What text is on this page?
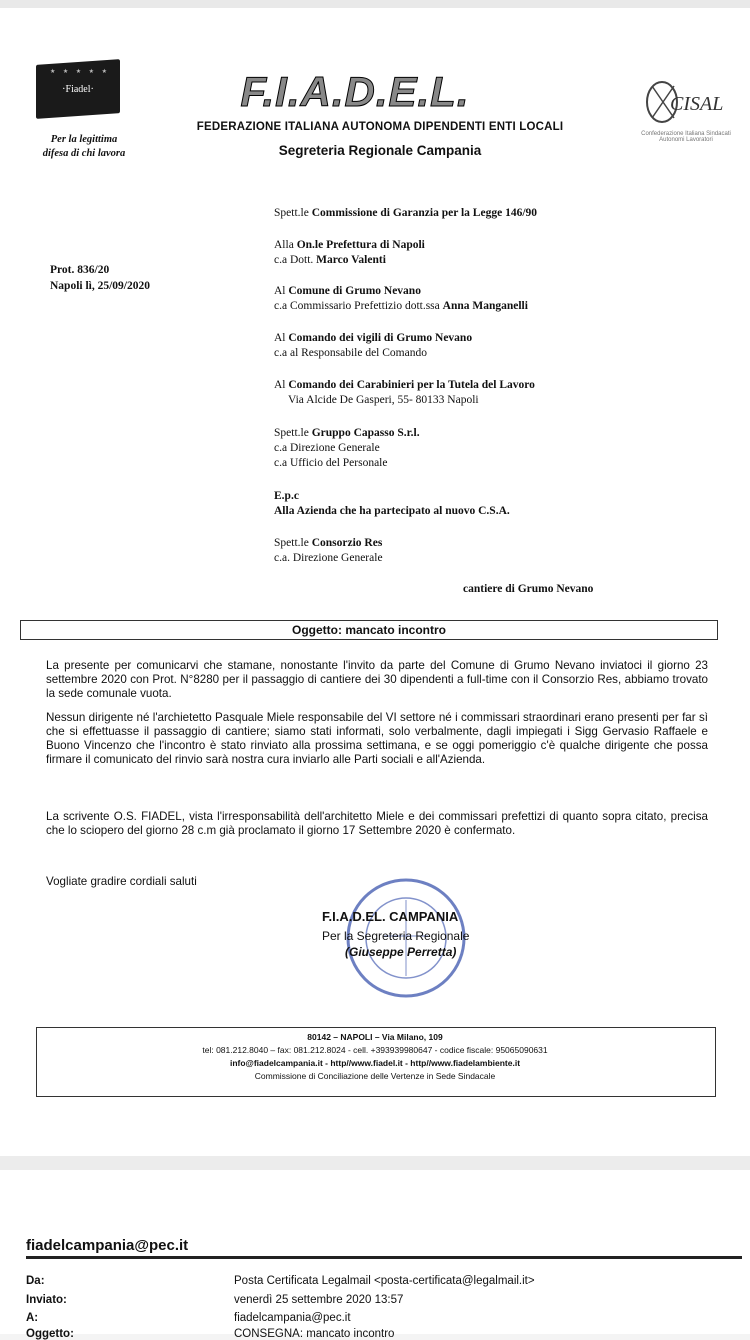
★ ★ ★ ★ ★
·Fiadel·
Per la legittima
difesa di chi lavora
F.I.A.D.E.L.
FEDERAZIONE ITALIANA AUTONOMA DIPENDENTI ENTI LOCALI
Segreteria Regionale Campania
CISAL
Confederazione Italiana Sindacati Autonomi Lavoratori
Prot. 836/20
Napoli lì, 25/09/2020
Spett.le Commissione di Garanzia per la Legge 146/90
Alla On.le Prefettura di Napoli
c.a Dott. Marco Valenti
Al Comune di Grumo Nevano
c.a Commissario Prefettizio dott.ssa Anna Manganelli
Al Comando dei vigili di Grumo Nevano
c.a al Responsabile del Comando
Al Comando dei Carabinieri per la Tutela del Lavoro
Via Alcide De Gasperi, 55- 80133 Napoli
Spett.le Gruppo Capasso S.r.l.
c.a Direzione Generale
c.a Ufficio del Personale
E.p.c
Alla Azienda che ha partecipato al nuovo C.S.A.
Spett.le Consorzio Res
c.a. Direzione Generale
cantiere di Grumo Nevano
Oggetto: mancato incontro
La presente per comunicarvi che stamane, nonostante l'invito da parte del Comune di Grumo Nevano inviatoci il giorno 23 settembre 2020 con Prot. N°8280 per il passaggio di cantiere dei 30 dipendenti a full-time con il Consorzio Res, abbiamo trovato la sede comunale vuota.
Nessun dirigente né l'archietetto Pasquale Miele responsabile del VI settore né i commissari straordinari erano presenti per far sì che si effettuasse il passaggio di cantiere; siamo stati informati, solo verbalmente, dagli impiegati i Sigg Gervasio Raffaele e Buono Vincenzo che l'incontro è stato rinviato alla prossima settimana, e se oggi pomeriggio c'è qualche dirigente che possa firmare il comunicato del rinvio sarà nostra cura inviarlo alle Parti sociali e all'Azienda.
La scrivente O.S. FIADEL, vista l'irresponsabilità dell'architetto Miele e dei commissari prefettizi di quanto sopra citato, precisa che lo sciopero del giorno 28 c.m già proclamato il giorno 17 Settembre 2020 è confermato.
Vogliate gradire cordiali saluti
F.I.A.D.EL. CAMPANIA
Per la Segreteria Regionale
(Giuseppe Perretta)
80142 – NAPOLI – Via Milano, 109
tel: 081.212.8040 – fax: 081.212.8024 - cell. +393939980647 - codice fiscale: 95065090631
info@fiadelcampania.it - http//www.fiadel.it - http//www.fiadelambiente.it
Commissione di Conciliazione delle Vertenze in Sede Sindacale
fiadelcampania@pec.it
Da:	Posta Certificata Legalmail <posta-certificata@legalmail.it>
Inviato:	venerdì 25 settembre 2020 13:57
A:	fiadelcampania@pec.it
Oggetto:	CONSEGNA: mancato incontro
